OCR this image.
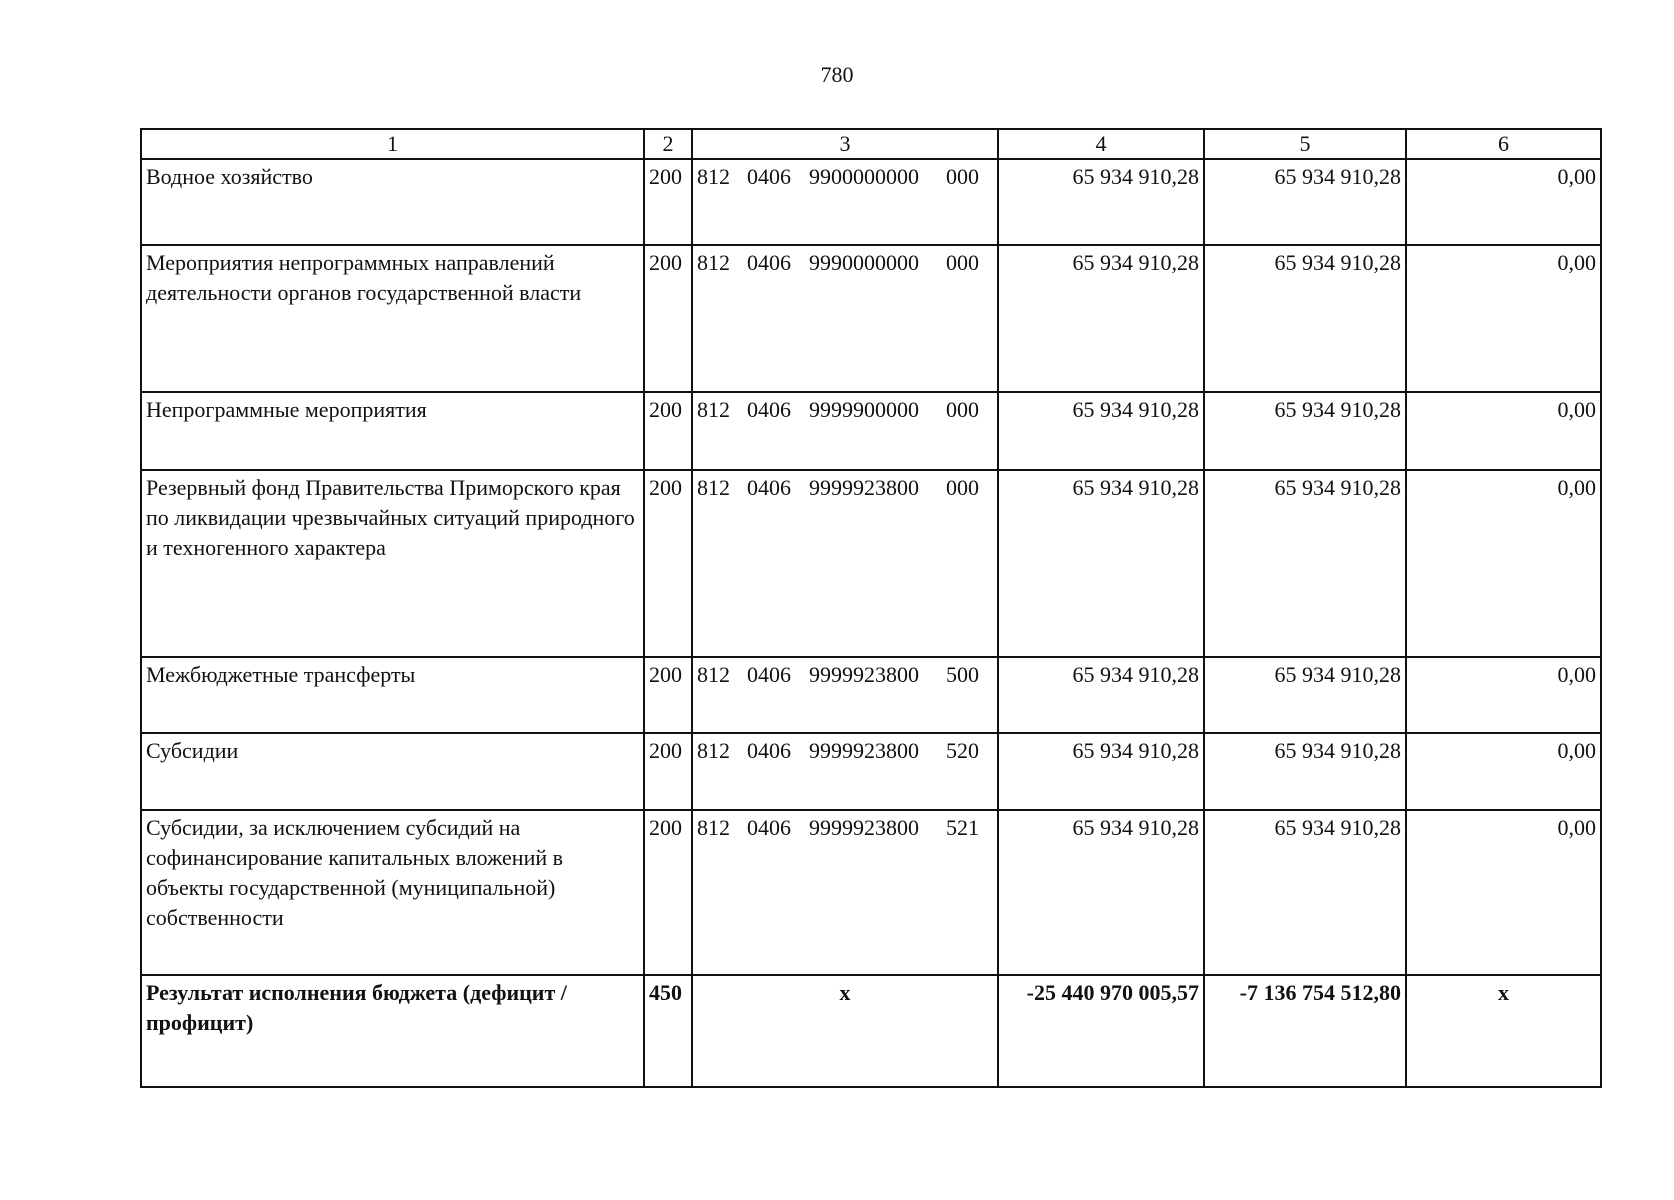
780
1	2	3	4	5	6
Водное хозяйство	200	812 0406 9900000000 000	65 934 910,28	65 934 910,28	0,00
Мероприятия непрограммных направлений деятельности органов государственной власти	200	812 0406 9990000000 000	65 934 910,28	65 934 910,28	0,00
Непрограммные мероприятия	200	812 0406 9999900000 000	65 934 910,28	65 934 910,28	0,00
Резервный фонд Правительства Приморского края по ликвидации чрезвычайных ситуаций природного и техногенного характера	200	812 0406 9999923800 000	65 934 910,28	65 934 910,28	0,00
Межбюджетные трансферты	200	812 0406 9999923800 500	65 934 910,28	65 934 910,28	0,00
Субсидии	200	812 0406 9999923800 520	65 934 910,28	65 934 910,28	0,00
Субсидии, за исключением субсидий на софинансирование капитальных вложений в объекты государственной (муниципальной) собственности	200	812 0406 9999923800 521	65 934 910,28	65 934 910,28	0,00
Результат исполнения бюджета (дефицит / профицит)	450	х	-25 440 970 005,57	-7 136 754 512,80	х
